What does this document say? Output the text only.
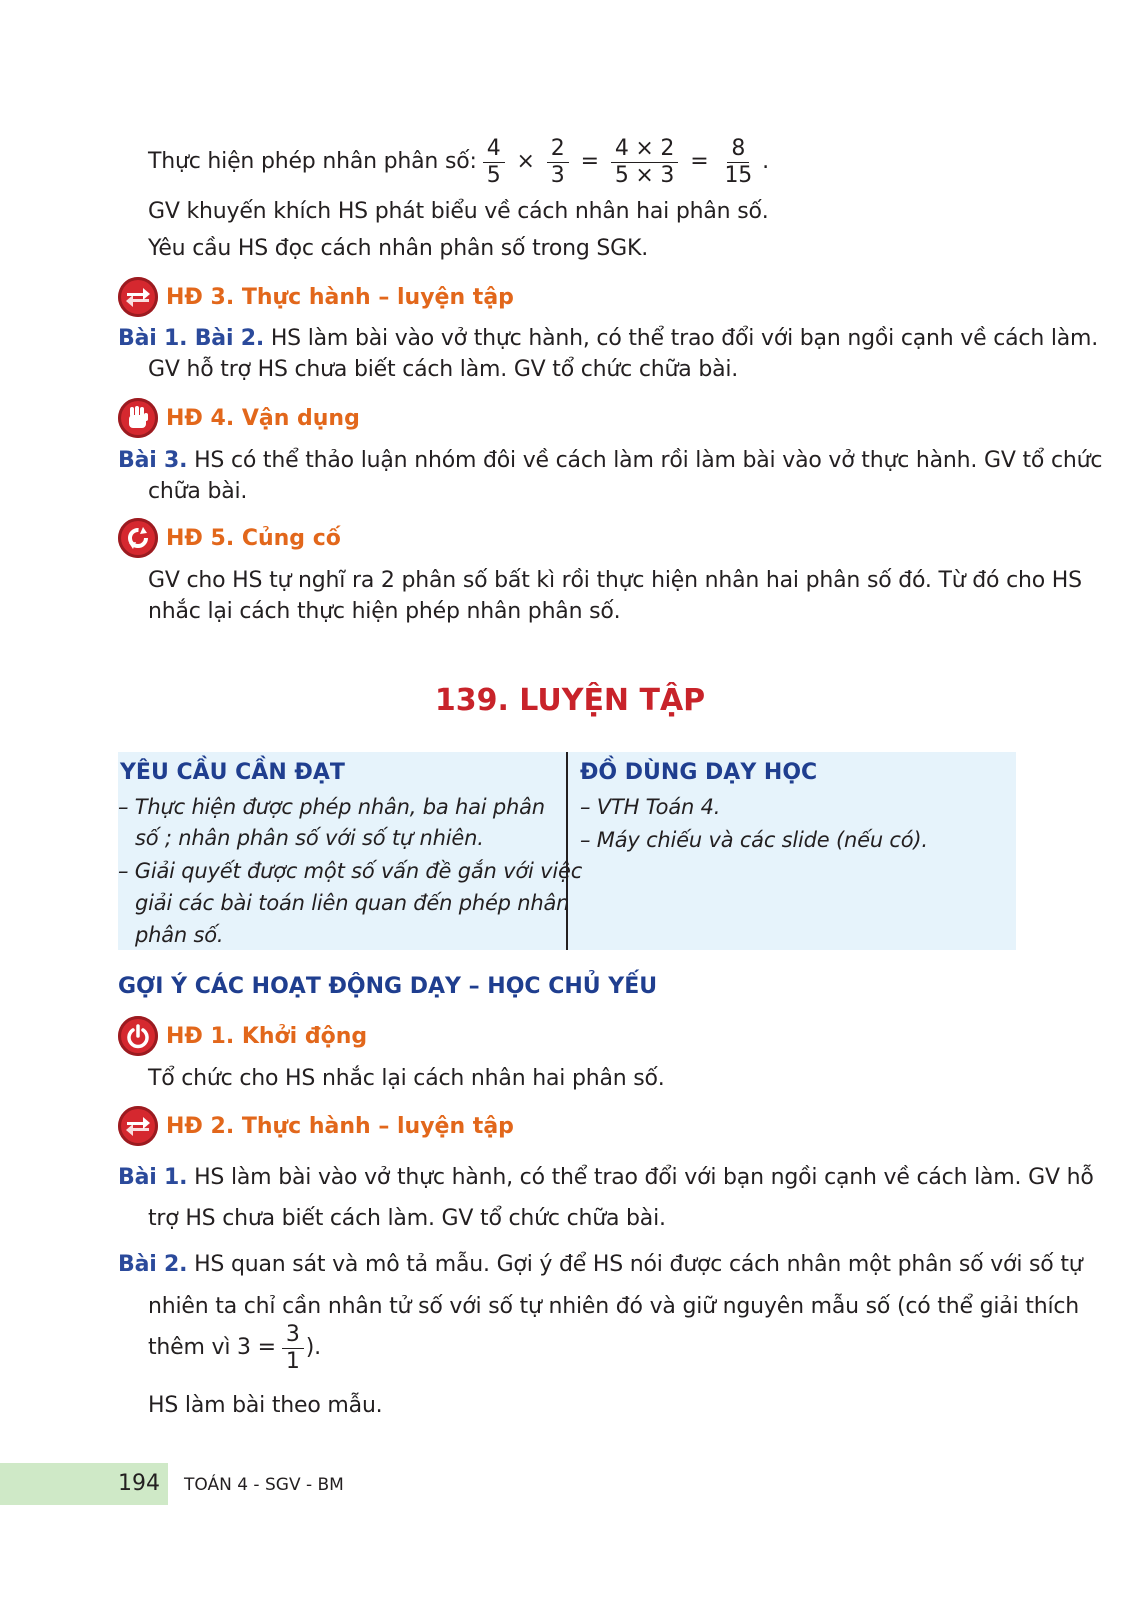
Thực hiện phép nhân phân số: $\frac{4}{5} \times \frac{2}{3} = \frac{4 \times 2}{5 \times 3} = \frac{8}{15}$ .
GV khuyến khích HS phát biểu về cách nhân hai phân số.
Yêu cầu HS đọc cách nhân phân số trong SGK.
HĐ 3. Thực hành – luyện tập
Bài 1. Bài 2. HS làm bài vào vở thực hành, có thể trao đổi với bạn ngồi cạnh về cách làm.
GV hỗ trợ HS chưa biết cách làm. GV tổ chức chữa bài.
HĐ 4. Vận dụng
Bài 3. HS có thể thảo luận nhóm đôi về cách làm rồi làm bài vào vở thực hành. GV tổ chức
chữa bài.
HĐ 5. Củng cố
GV cho HS tự nghĩ ra 2 phân số bất kì rồi thực hiện nhân hai phân số đó. Từ đó cho HS
nhắc lại cách thực hiện phép nhân phân số.
139. LUYỆN TẬP
YÊU CẦU CẦN ĐẠT
– Thực hiện được phép nhân, ba hai phân
số ; nhân phân số với số tự nhiên.
– Giải quyết được một số vấn đề gắn với việc
giải các bài toán liên quan đến phép nhân
phân số.
ĐỒ DÙNG DẠY HỌC
– VTH Toán 4.
– Máy chiếu và các slide (nếu có).
GỢI Ý CÁC HOẠT ĐỘNG DẠY – HỌC CHỦ YẾU
HĐ 1. Khởi động
Tổ chức cho HS nhắc lại cách nhân hai phân số.
HĐ 2. Thực hành – luyện tập
Bài 1. HS làm bài vào vở thực hành, có thể trao đổi với bạn ngồi cạnh về cách làm. GV hỗ
trợ HS chưa biết cách làm. GV tổ chức chữa bài.
Bài 2. HS quan sát và mô tả mẫu. Gợi ý để HS nói được cách nhân một phân số với số tự
nhiên ta chỉ cần nhân tử số với số tự nhiên đó và giữ nguyên mẫu số (có thể giải thích
thêm vì $3 = \frac{3}{1}$ ).
HS làm bài theo mẫu.
194 TOÁN 4 - SGV - BM
